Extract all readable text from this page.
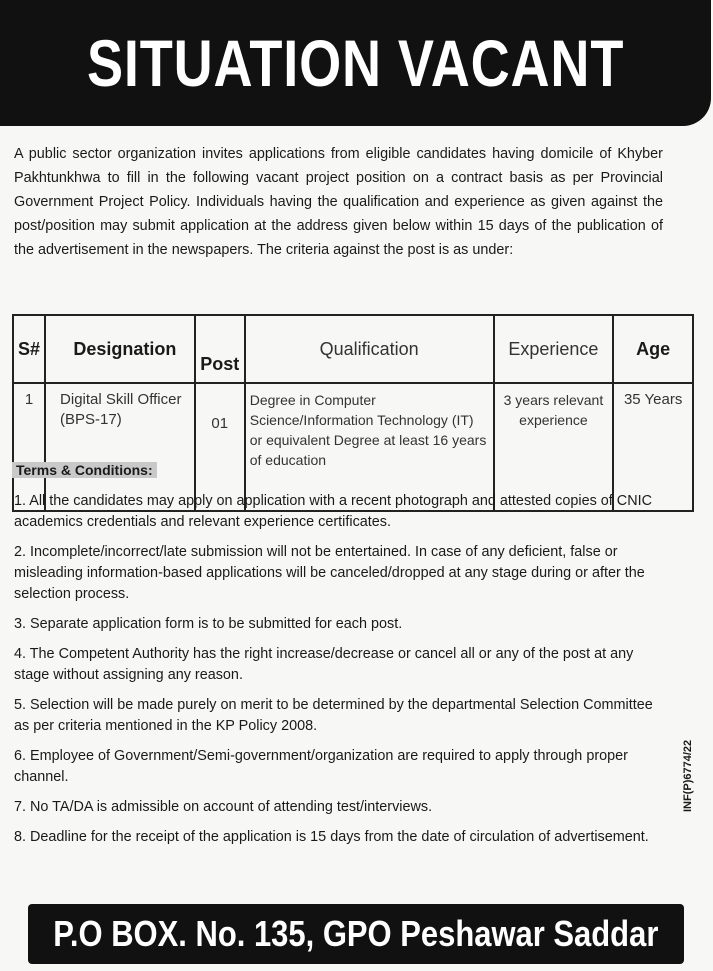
SITUATION VACANT
A public sector organization invites applications from eligible candidates having domicile of Khyber Pakhtunkhwa to fill in the following vacant project position on a contract basis as per Provincial Government Project Policy. Individuals having the qualification and experience as given against the post/position may submit application at the address given below within 15 days of the publication of the advertisement in the newspapers. The criteria against the post is as under:
S#	Designation	Post	Qualification	Experience	Age
1	Digital Skill Officer (BPS-17)	01	Degree in Computer Science/Information Technology (IT) or equivalent Degree at least 16 years of education	3 years relevant experience	35 Years
Terms & Conditions:

1. All the candidates may apply on application with a recent photograph and attested copies of CNIC academics credentials and relevant experience certificates.

2. Incomplete/incorrect/late submission will not be entertained. In case of any deficient, false or misleading information-based applications will be canceled/dropped at any stage during or after the selection process.

3. Separate application form is to be submitted for each post.

4. The Competent Authority has the right increase/decrease or cancel all or any of the post at any stage without assigning any reason.

5. Selection will be made purely on merit to be determined by the departmental Selection Committee as per criteria mentioned in the KP Policy 2008.

6. Employee of Government/Semi-government/organization are required to apply through proper channel.

7. No TA/DA is admissible on account of attending test/interviews.

8. Deadline for the receipt of the application is 15 days from the date of circulation of advertisement.

INF(P)6774/22
P.O BOX. No. 135, GPO Peshawar Saddar
